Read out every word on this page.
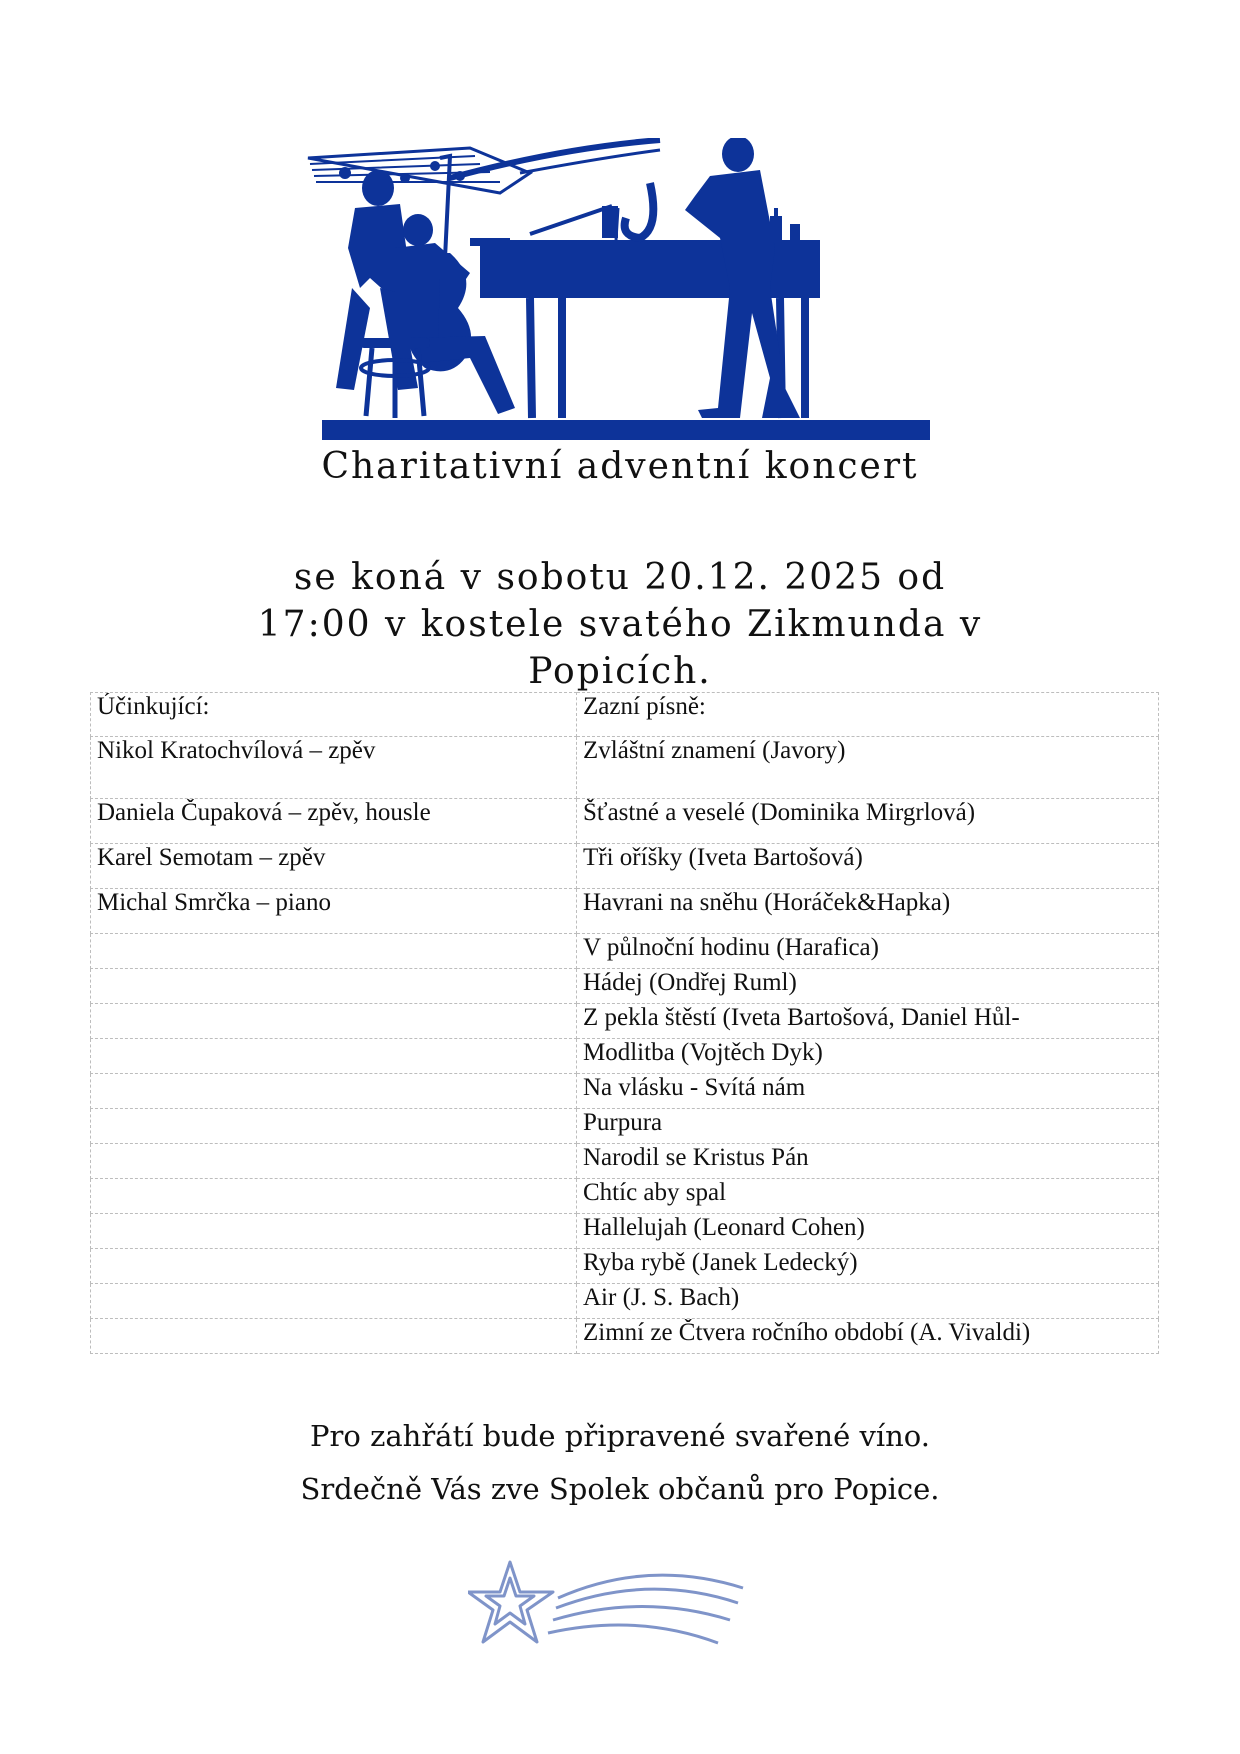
Charitativní adventní koncert
se koná v sobotu 20.12. 2025 od
17:00 v kostele svatého Zikmunda v
Popicích.
Účinkující:	Zazní písně:
Nikol Kratochvílová – zpěv	Zvláštní znamení (Javory)
Daniela Čupaková – zpěv, housle	Šťastné a veselé (Dominika Mirgrlová)
Karel Semotam – zpěv	Tři oříšky (Iveta Bartošová)
Michal Smrčka – piano	Havrani na sněhu (Horáček&Hapka)
	V půlnoční hodinu (Harafica)
	Hádej (Ondřej Ruml)
	Z pekla štěstí (Iveta Bartošová, Daniel Hůl-
	Modlitba (Vojtěch Dyk)
	Na vlásku - Svítá nám
	Purpura
	Narodil se Kristus Pán
	Chtíc aby spal
	Hallelujah (Leonard Cohen)
	Ryba rybě (Janek Ledecký)
	Air (J. S. Bach)
	Zimní ze Čtvera ročního období (A. Vivaldi)
Pro zahřátí bude připravené svařené víno.
Srdečně Vás zve Spolek občanů pro Popice.
